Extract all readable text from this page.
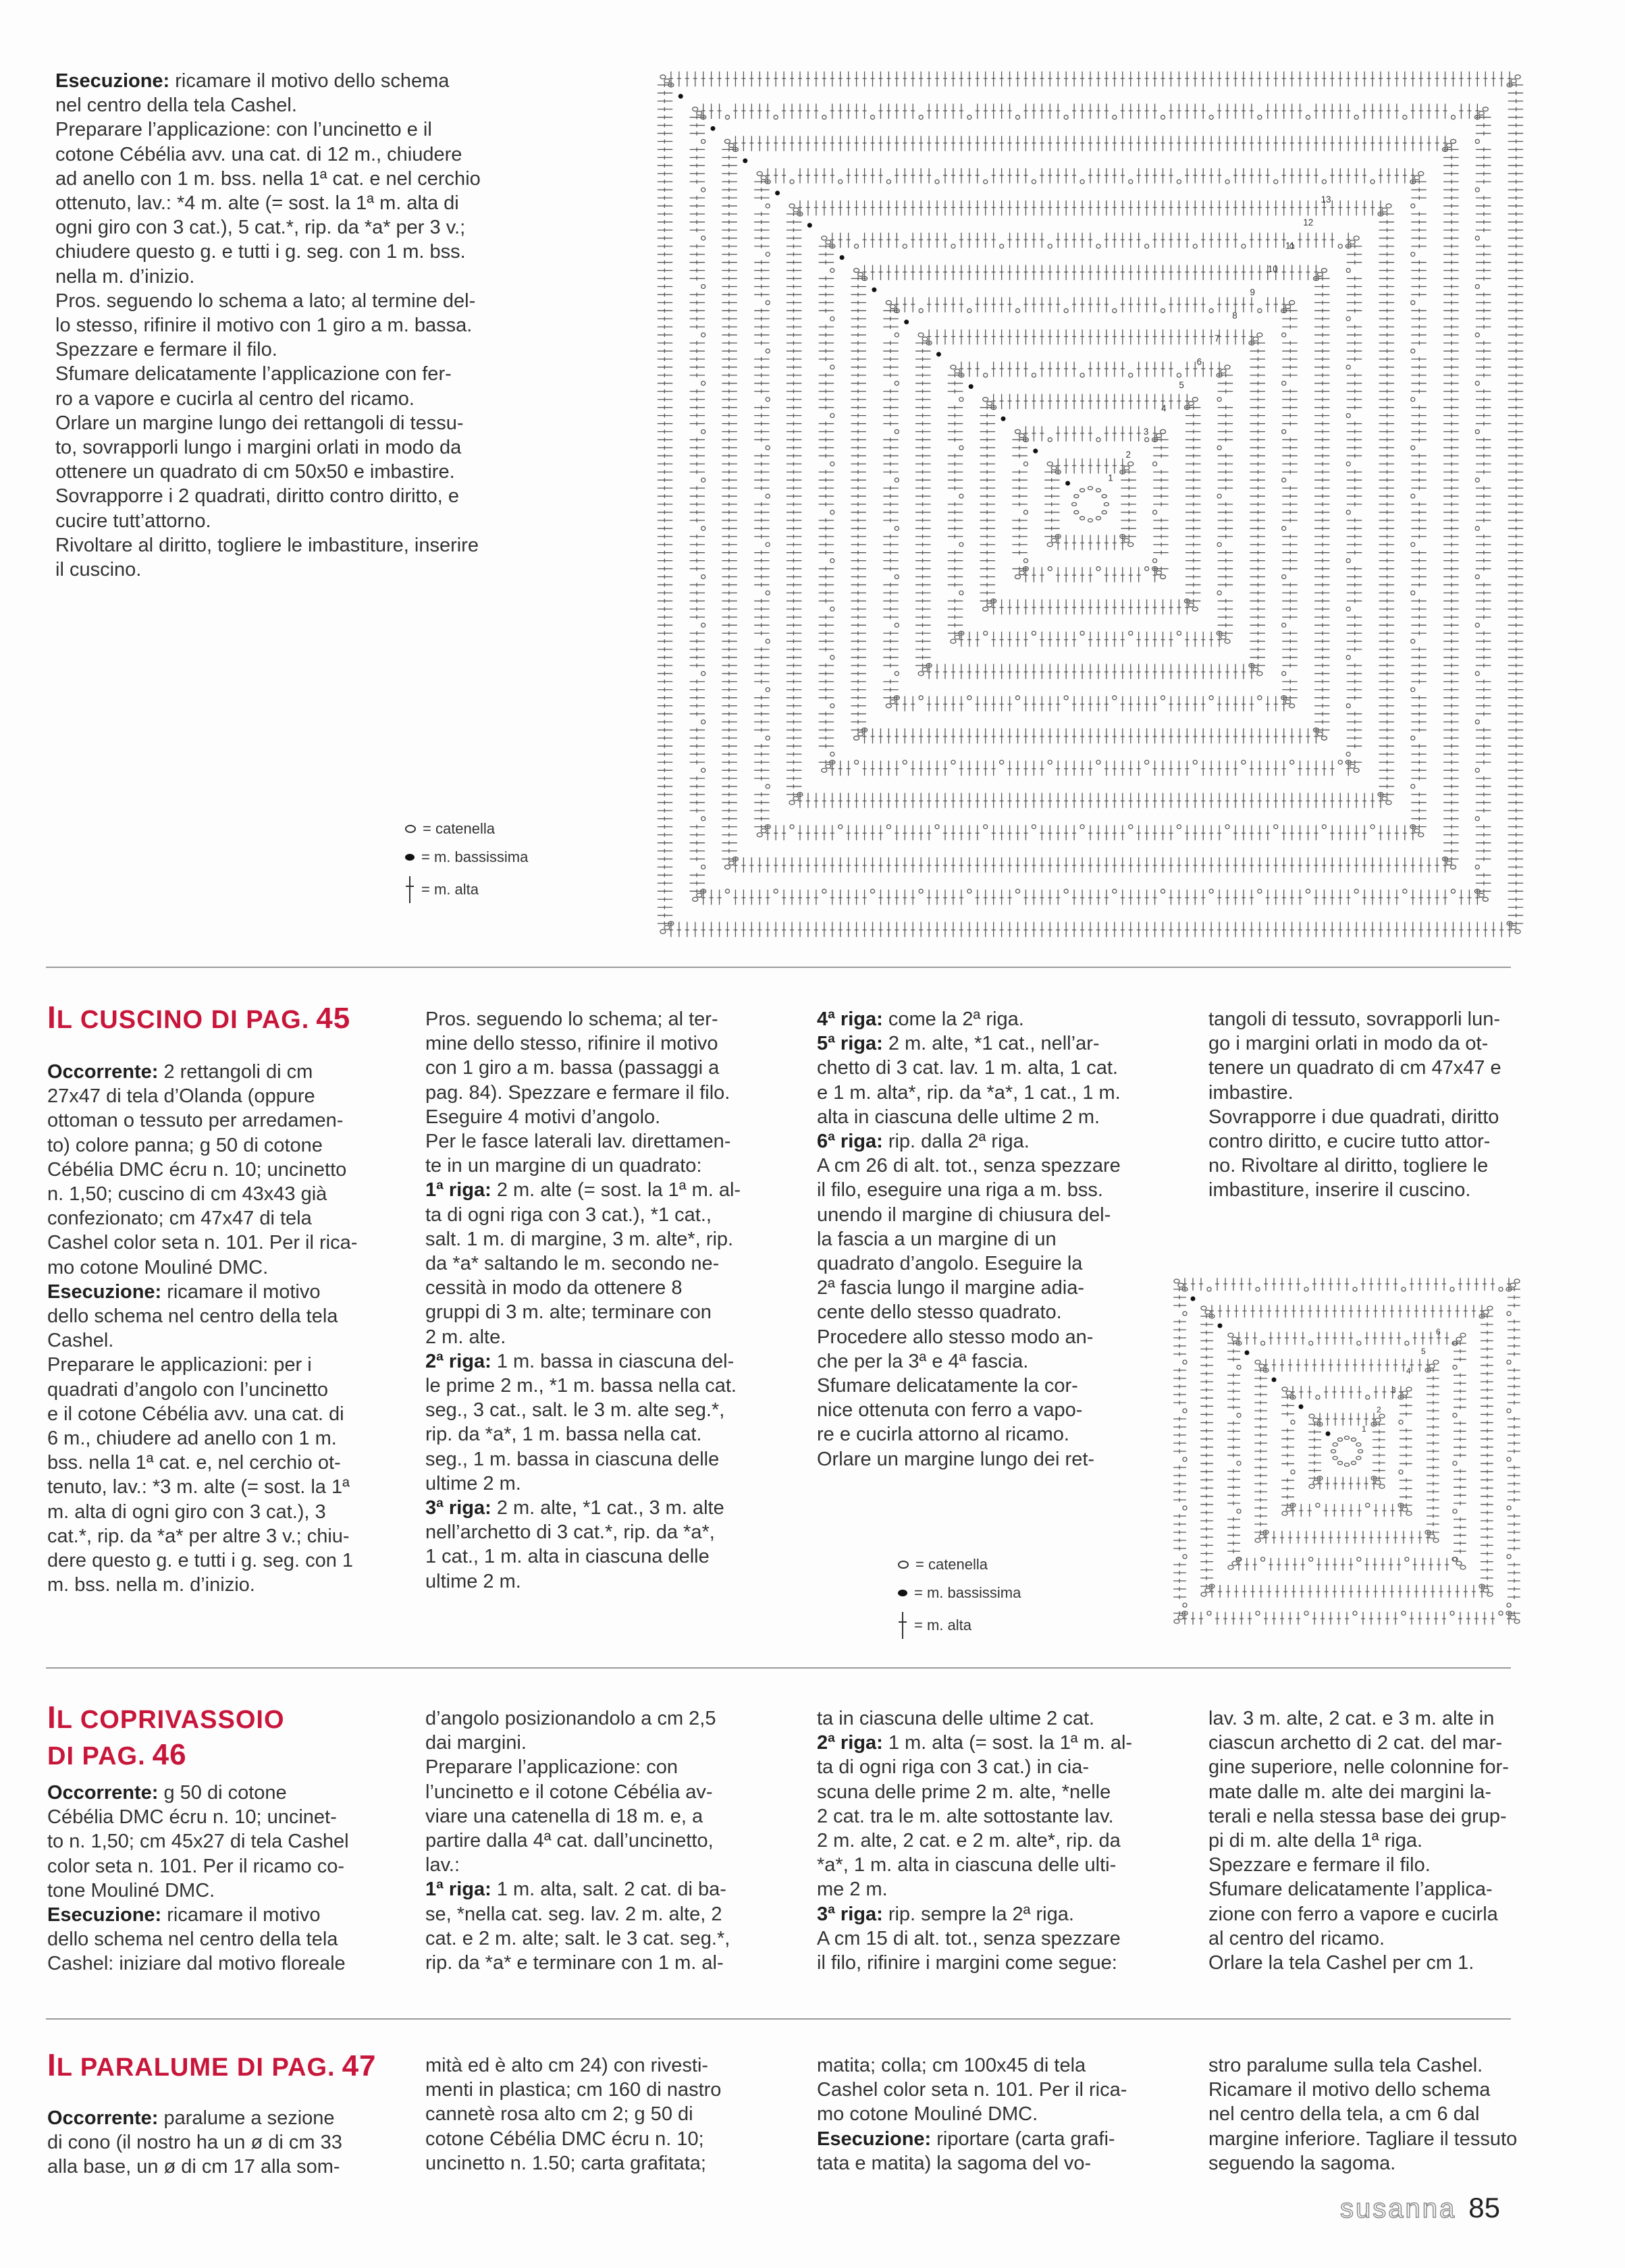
Esecuzione: ricamare il motivo dello schema
nel centro della tela Cashel.
Preparare l’applicazione: con l’uncinetto e il
cotone Cébélia avv. una cat. di 12 m., chiudere
ad anello con 1 m. bss. nella 1ª cat. e nel cerchio
ottenuto, lav.: *4 m. alte (= sost. la 1ª m. alta di
ogni giro con 3 cat.), 5 cat.*, rip. da *a* per 3 v.;
chiudere questo g. e tutti i g. seg. con 1 m. bss.
nella m. d’inizio.
Pros. seguendo lo schema a lato; al termine del-
lo stesso, rifinire il motivo con 1 giro a m. bassa.
Spezzare e fermare il filo.
Sfumare delicatamente l’applicazione con fer-
ro a vapore e cucirla al centro del ricamo.
Orlare un margine lungo dei rettangoli di tessu-
to, sovrapporli lungo i margini orlati in modo da
ottenere un quadrato di cm 50x50 e imbastire.
Sovrapporre i 2 quadrati, diritto contro diritto, e
cucire tutt’attorno.
Rivoltare al diritto, togliere le imbastiture, inserire
il cuscino.
1
2
3
4
5
6
7
8
9
10
11
12
13
= catenella
= m. bassissima
= m. alta
IL CUSCINO DI PAG. 45
Occorrente: 2 rettangoli di cm
27x47 di tela d’Olanda (oppure
ottoman o tessuto per arredamen-
to) colore panna; g 50 di cotone
Cébélia DMC écru n. 10; uncinetto
n. 1,50; cuscino di cm 43x43 già
confezionato; cm 47x47 di tela
Cashel color seta n. 101. Per il rica-
mo cotone Mouliné DMC.
Esecuzione: ricamare il motivo
dello schema nel centro della tela
Cashel.
Preparare le applicazioni: per i
quadrati d’angolo con l’uncinetto
e il cotone Cébélia avv. una cat. di
6 m., chiudere ad anello con 1 m.
bss. nella 1ª cat. e, nel cerchio ot-
tenuto, lav.: *3 m. alte (= sost. la 1ª
m. alta di ogni giro con 3 cat.), 3
cat.*, rip. da *a* per altre 3 v.; chiu-
dere questo g. e tutti i g. seg. con 1
m. bss. nella m. d’inizio.
Pros. seguendo lo schema; al ter-
mine dello stesso, rifinire il motivo
con 1 giro a m. bassa (passaggi a
pag. 84). Spezzare e fermare il filo.
Eseguire 4 motivi d’angolo.
Per le fasce laterali lav. direttamen-
te in un margine di un quadrato:
1ª riga: 2 m. alte (= sost. la 1ª m. al-
ta di ogni riga con 3 cat.), *1 cat.,
salt. 1 m. di margine, 3 m. alte*, rip.
da *a* saltando le m. secondo ne-
cessità in modo da ottenere 8
gruppi di 3 m. alte; terminare con
2 m. alte.
2ª riga: 1 m. bassa in ciascuna del-
le prime 2 m., *1 m. bassa nella cat.
seg., 3 cat., salt. le 3 m. alte seg.*,
rip. da *a*, 1 m. bassa nella cat.
seg., 1 m. bassa in ciascuna delle
ultime 2 m.
3ª riga: 2 m. alte, *1 cat., 3 m. alte
nell’archetto di 3 cat.*, rip. da *a*,
1 cat., 1 m. alta in ciascuna delle
ultime 2 m.
4ª riga: come la 2ª riga.
5ª riga: 2 m. alte, *1 cat., nell’ar-
chetto di 3 cat. lav. 1 m. alta, 1 cat.
e 1 m. alta*, rip. da *a*, 1 cat., 1 m.
alta in ciascuna delle ultime 2 m.
6ª riga: rip. dalla 2ª riga.
A cm 26 di alt. tot., senza spezzare
il filo, eseguire una riga a m. bss.
unendo il margine di chiusura del-
la fascia a un margine di un
quadrato d’angolo. Eseguire la
2ª fascia lungo il margine adia-
cente dello stesso quadrato.
Procedere allo stesso modo an-
che per la 3ª e 4ª fascia.
Sfumare delicatamente la cor-
nice ottenuta con ferro a vapo-
re e cucirla attorno al ricamo.
Orlare un margine lungo dei ret-
tangoli di tessuto, sovrapporli lun-
go i margini orlati in modo da ot-
tenere un quadrato di cm 47x47 e
imbastire.
Sovrapporre i due quadrati, diritto
contro diritto, e cucire tutto attor-
no. Rivoltare al diritto, togliere le
imbastiture, inserire il cuscino.
1
2
3
4
5
6
= catenella
= m. bassissima
= m. alta
IL COPRIVASSOIO
DI PAG. 46
Occorrente: g 50 di cotone
Cébélia DMC écru n. 10; uncinet-
to n. 1,50; cm 45x27 di tela Cashel
color seta n. 101. Per il ricamo co-
tone Mouliné DMC.
Esecuzione: ricamare il motivo
dello schema nel centro della tela
Cashel: iniziare dal motivo floreale
d’angolo posizionandolo a cm 2,5
dai margini.
Preparare l’applicazione: con
l’uncinetto e il cotone Cébélia av-
viare una catenella di 18 m. e, a
partire dalla 4ª cat. dall’uncinetto,
lav.:
1ª riga: 1 m. alta, salt. 2 cat. di ba-
se, *nella cat. seg. lav. 2 m. alte, 2
cat. e 2 m. alte; salt. le 3 cat. seg.*,
rip. da *a* e terminare con 1 m. al-
ta in ciascuna delle ultime 2 cat.
2ª riga: 1 m. alta (= sost. la 1ª m. al-
ta di ogni riga con 3 cat.) in cia-
scuna delle prime 2 m. alte, *nelle
2 cat. tra le m. alte sottostante lav.
2 m. alte, 2 cat. e 2 m. alte*, rip. da
*a*, 1 m. alta in ciascuna delle ulti-
me 2 m.
3ª riga: rip. sempre la 2ª riga.
A cm 15 di alt. tot., senza spezzare
il filo, rifinire i margini come segue:
lav. 3 m. alte, 2 cat. e 3 m. alte in
ciascun archetto di 2 cat. del mar-
gine superiore, nelle colonnine for-
mate dalle m. alte dei margini la-
terali e nella stessa base dei grup-
pi di m. alte della 1ª riga.
Spezzare e fermare il filo.
Sfumare delicatamente l’applica-
zione con ferro a vapore e cucirla
al centro del ricamo.
Orlare la tela Cashel per cm 1.
IL PARALUME DI PAG. 47
Occorrente: paralume a sezione
di cono (il nostro ha un ø di cm 33
alla base, un ø di cm 17 alla som-
mità ed è alto cm 24) con rivesti-
menti in plastica; cm 160 di nastro
cannetè rosa alto cm 2; g 50 di
cotone Cébélia DMC écru n. 10;
uncinetto n. 1.50; carta grafitata;
matita; colla; cm 100x45 di tela
Cashel color seta n. 101. Per il rica-
mo cotone Mouliné DMC.
Esecuzione: riportare (carta grafi-
tata e matita) la sagoma del vo-
stro paralume sulla tela Cashel.
Ricamare il motivo dello schema
nel centro della tela, a cm 6 dal
margine inferiore. Tagliare il tessuto
seguendo la sagoma.
susanna 85
